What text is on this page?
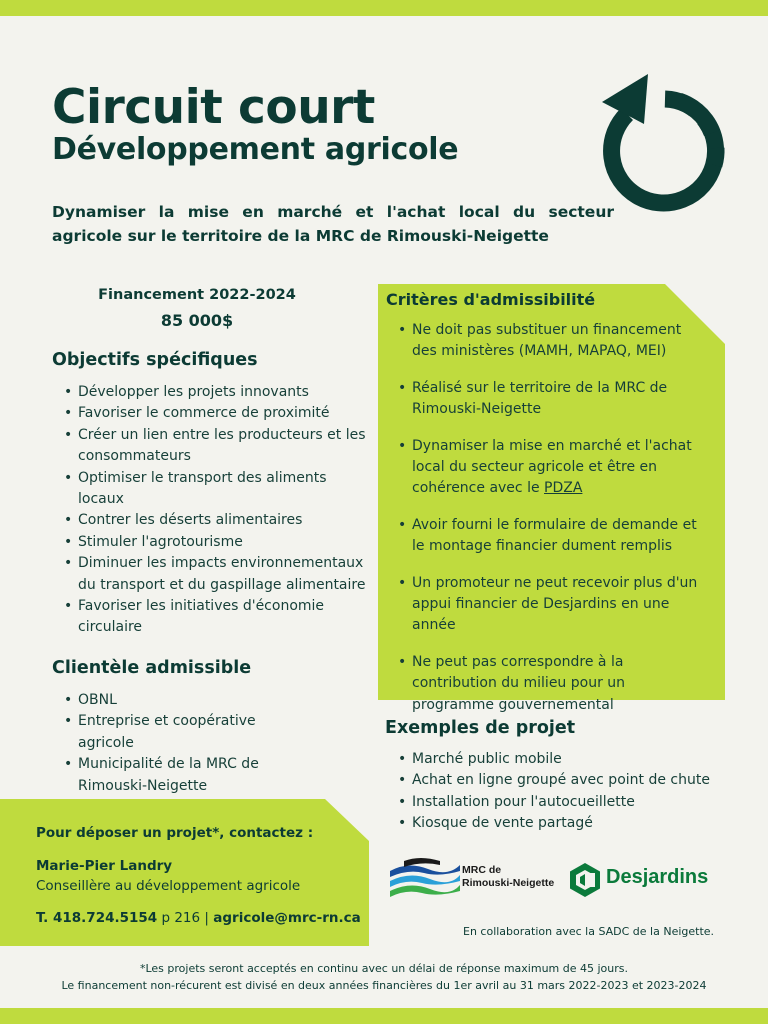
Circuit court
Développement agricole
Dynamiser la mise en marché et l'achat local du secteur agricole sur le territoire de la MRC de Rimouski-Neigette
Financement 2022-2024
85 000$
Objectifs spécifiques
• Développer les projets innovants
• Favoriser le commerce de proximité
• Créer un lien entre les producteurs et les consommateurs
• Optimiser le transport des aliments locaux
• Contrer les déserts alimentaires
• Stimuler l'agrotourisme
• Diminuer les impacts environnementaux du transport et du gaspillage alimentaire
• Favoriser les initiatives d'économie circulaire
Clientèle admissible
• OBNL
• Entreprise et coopérative agricole
• Municipalité de la MRC de Rimouski-Neigette
Critères d'admissibilité
• Ne doit pas substituer un financement des ministères (MAMH, MAPAQ, MEI)
• Réalisé sur le territoire de la MRC de Rimouski-Neigette
• Dynamiser la mise en marché et l'achat local du secteur agricole et être en cohérence avec le PDZA
• Avoir fourni le formulaire de demande et le montage financier dument remplis
• Un promoteur ne peut recevoir plus d'un appui financier de Desjardins en une année
• Ne peut pas correspondre à la contribution du milieu pour un programme gouvernemental
Exemples de projet
• Marché public mobile
• Achat en ligne groupé avec point de chute
• Installation pour l'autocueillette
• Kiosque de vente partagé
Pour déposer un projet*, contactez :
Marie-Pier Landry
Conseillère au développement agricole
T. 418.724.5154 p 216 | agricole@mrc-rn.ca
MRC de
Rimouski-Neigette	Desjardins
En collaboration avec la SADC de la Neigette.
*Les projets seront acceptés en continu avec un délai de réponse maximum de 45 jours.
Le financement non-récurent est divisé en deux années financières du 1er avril au 31 mars 2022-2023 et 2023-2024
